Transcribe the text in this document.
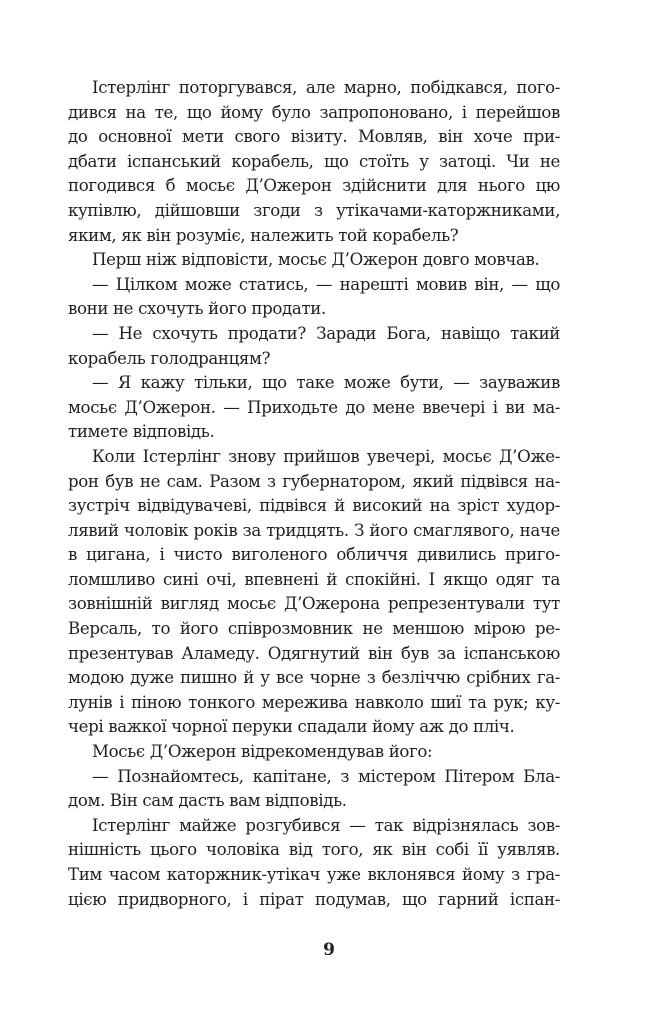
Істерлінг поторгувався, але марно, побідкався, пого-
дився на те, що йому було запропоновано, і перейшов
до основної мети свого візиту. Мовляв, він хоче при-
дбати іспанський корабель, що стоїть у затоці. Чи не
погодився б мосьє Д’Ожерон здійснити для нього цю
купівлю, дійшовши згоди з утікачами-каторжниками,
яким, як він розуміє, належить той корабель?
Перш ніж відповісти, мосьє Д’Ожерон довго мовчав.
— Цілком може статись, — нарешті мовив він, — що
вони не схочуть його продати.
— Не схочуть продати? Заради Бога, навіщо такий
корабель голодранцям?
— Я кажу тільки, що таке може бути, — зауважив
мосьє Д’Ожерон. — Приходьте до мене ввечері і ви ма-
тимете відповідь.
Коли Істерлінг знову прийшов увечері, мосьє Д’Оже-
рон був не сам. Разом з губернатором, який підвівся на-
зустріч відвідувачеві, підвівся й високий на зріст худор-
лявий чоловік років за тридцять. З його смаглявого, наче
в цигана, і чисто виголеного обличчя дивились приго-
ломшливо сині очі, впевнені й спокійні. І якщо одяг та
зовнішній вигляд мосьє Д’Ожерона репрезентували тут
Версаль, то його співрозмовник не меншою мірою ре-
презентував Аламеду. Одягнутий він був за іспанською
модою дуже пишно й у все чорне з безліччю срібних га-
лунів і піною тонкого мережива навколо шиї та рук; ку-
чері важкої чорної перуки спадали йому аж до пліч.
Мосьє Д’Ожерон відрекомендував його:
— Познайомтесь, капітане, з містером Пітером Бла-
дом. Він сам дасть вам відповідь.
Істерлінг майже розгубився — так відрізнялась зов-
нішність цього чоловіка від того, як він собі її уявляв.
Тим часом каторжник-утікач уже вклонявся йому з гра-
цією придворного, і пірат подумав, що гарний іспан-
9
